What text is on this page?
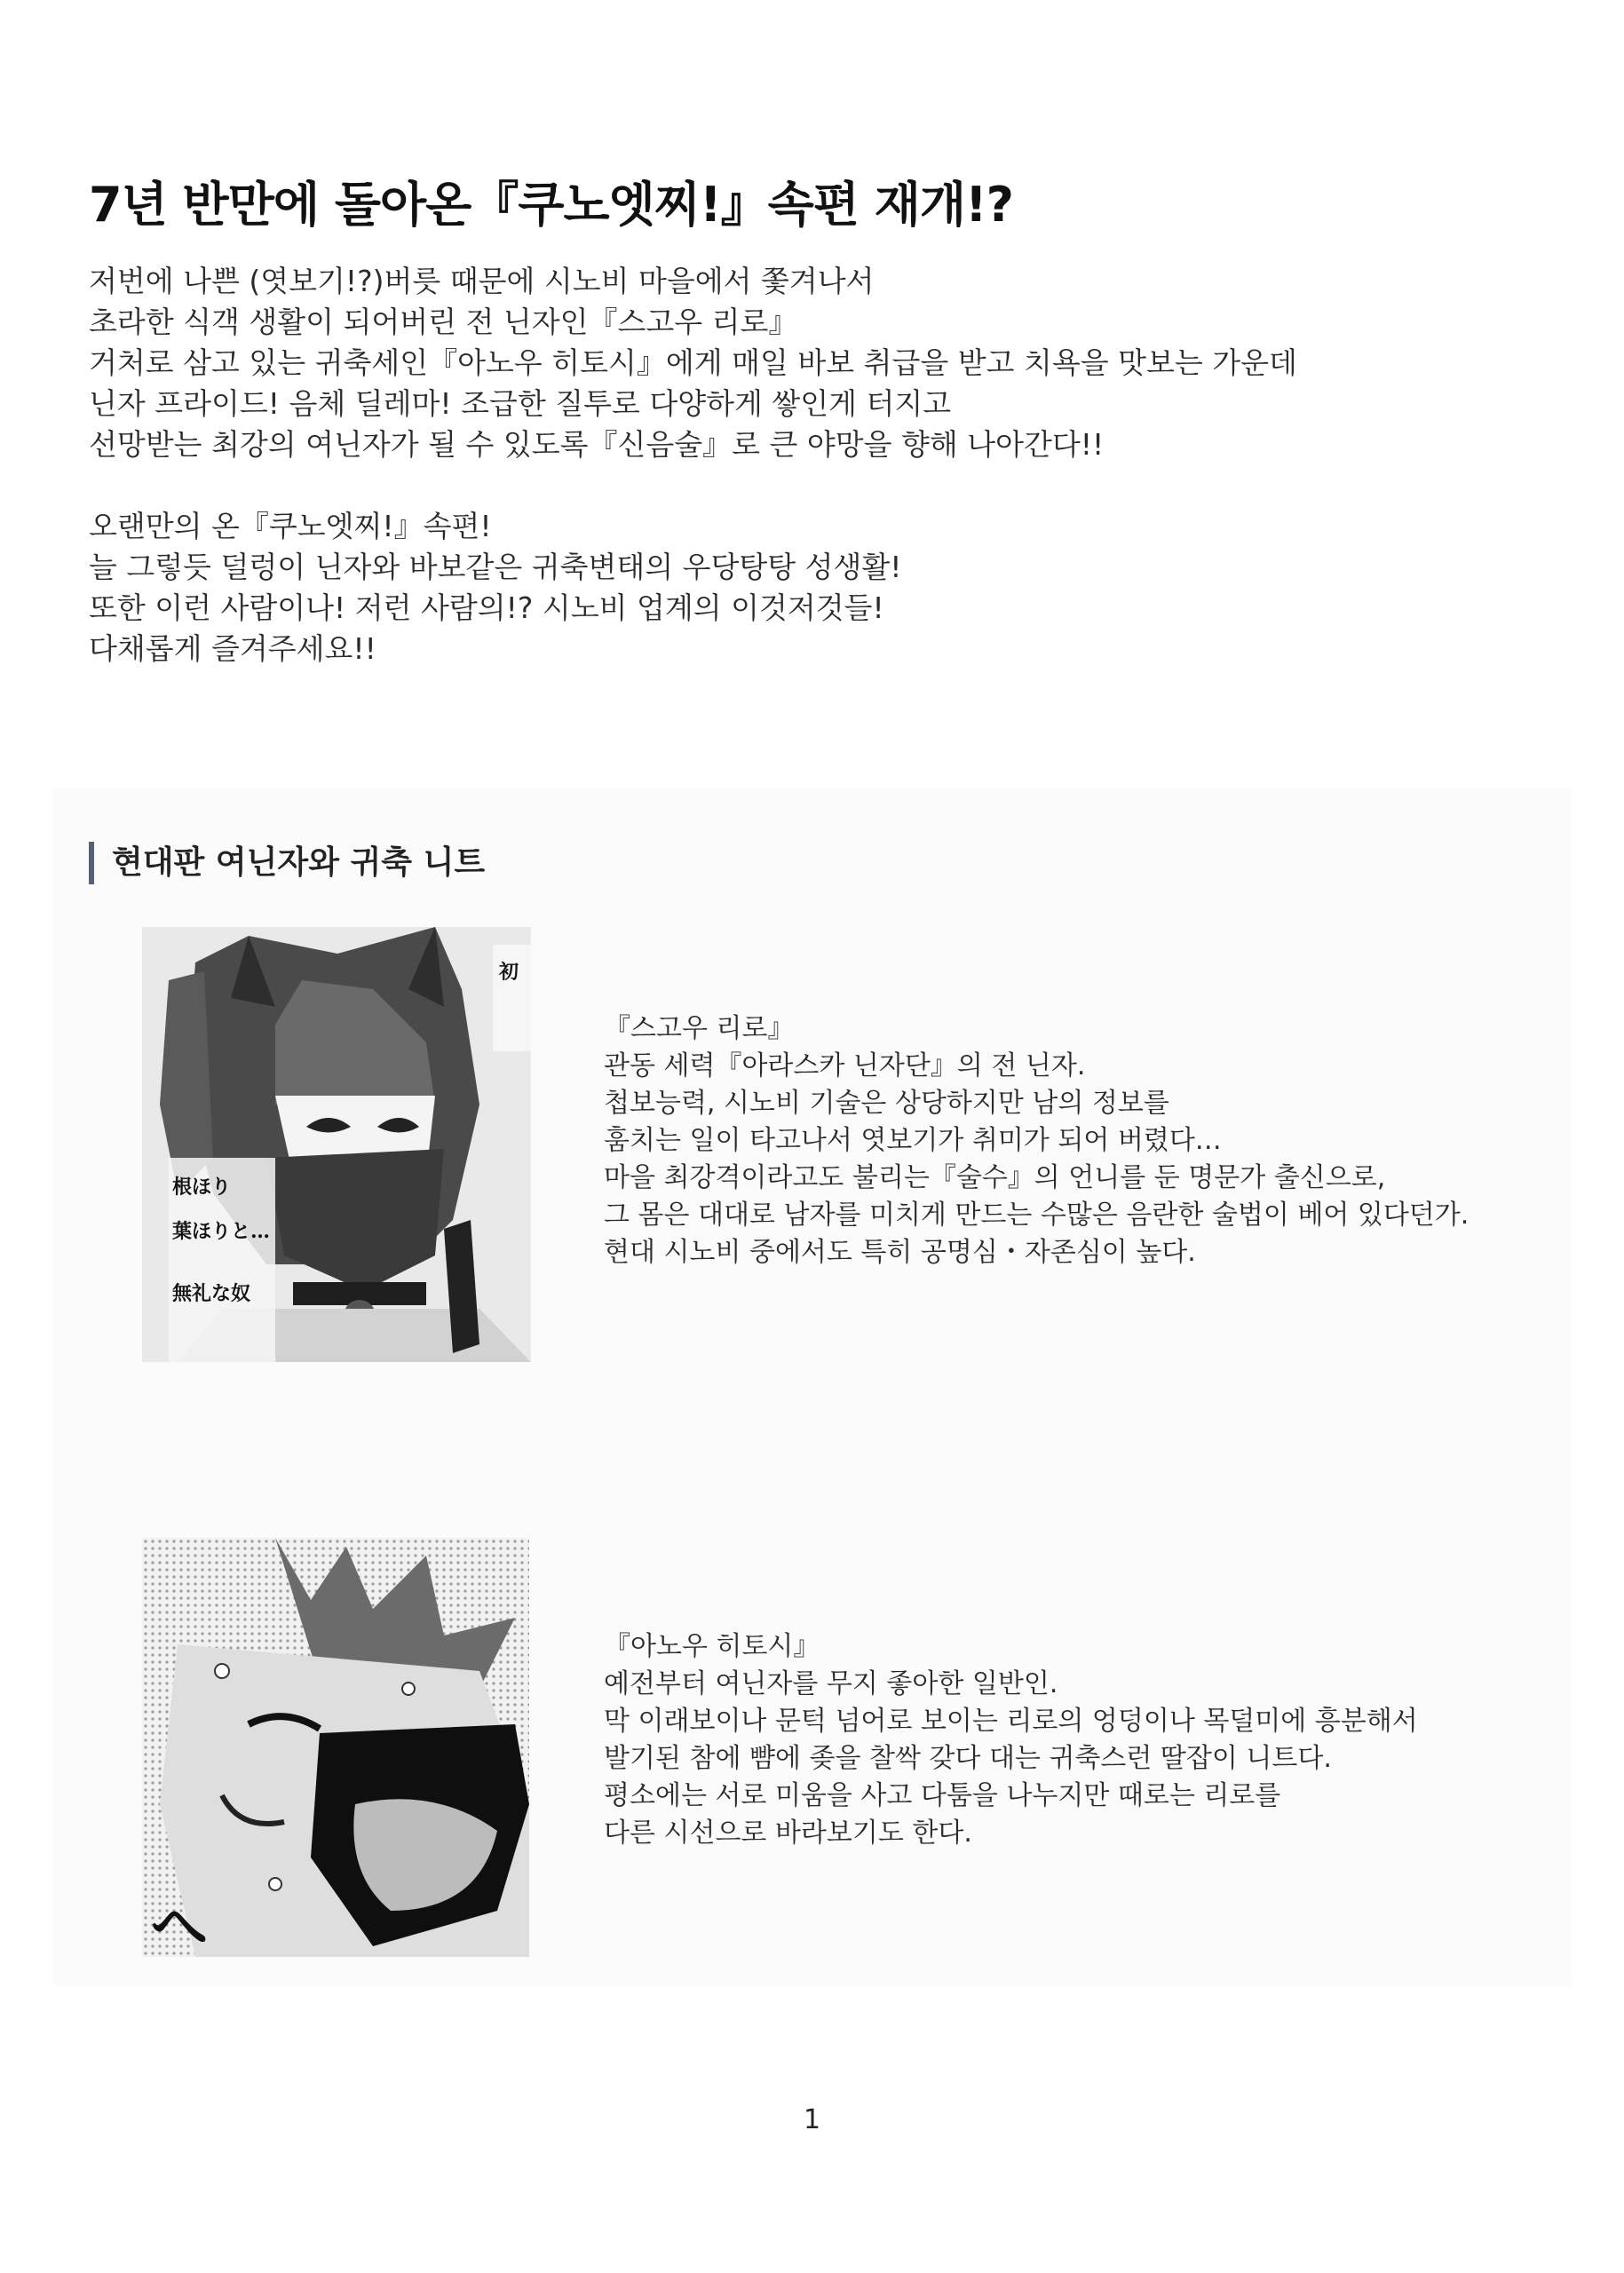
7년 반만에 돌아온『쿠노엣찌!』속편 재개!?

저번에 나쁜 (엿보기!?)버릇 때문에 시노비 마을에서 쫓겨나서

초라한 식객 생활이 되어버린 전 닌자인『스고우 리로』

거처로 삼고 있는 귀축세인『아노우 히토시』에게 매일 바보 취급을 받고 치욕을 맛보는 가운데

닌자 프라이드! 음체 딜레마! 조급한 질투로 다양하게 쌓인게 터지고

선망받는 최강의 여닌자가 될 수 있도록『신음술』로 큰 야망을 향해 나아간다!!

오랜만의 온『쿠노엣찌!』속편!

늘 그렇듯 덜렁이 닌자와 바보같은 귀축변태의 우당탕탕 성생활!

또한 이런 사람이나! 저런 사람의!? 시노비 업계의 이것저것들!

다채롭게 즐겨주세요!!

현대판 여닌자와 귀축 니트
初
根ほり
葉ほりと…
無礼な奴

『스고우 리로』

관동 세력『아라스카 닌자단』의 전 닌자.

첩보능력, 시노비 기술은 상당하지만 남의 정보를

훔치는 일이 타고나서 엿보기가 취미가 되어 버렸다…

마을 최강격이라고도 불리는『술수』의 언니를 둔 명문가 출신으로,

그 몸은 대대로 남자를 미치게 만드는 수많은 음란한 술법이 베어 있다던가.

현대 시노비 중에서도 특히 공명심・자존심이 높다.

へ

『아노우 히토시』

예전부터 여닌자를 무지 좋아한 일반인.

막 이래보이나 문턱 넘어로 보이는 리로의 엉덩이나 목덜미에 흥분해서

발기된 참에 뺨에 좆을 찰싹 갖다 대는 귀축스런 딸잡이 니트다.

평소에는 서로 미움을 사고 다툼을 나누지만 때로는 리로를

다른 시선으로 바라보기도 한다.

1
